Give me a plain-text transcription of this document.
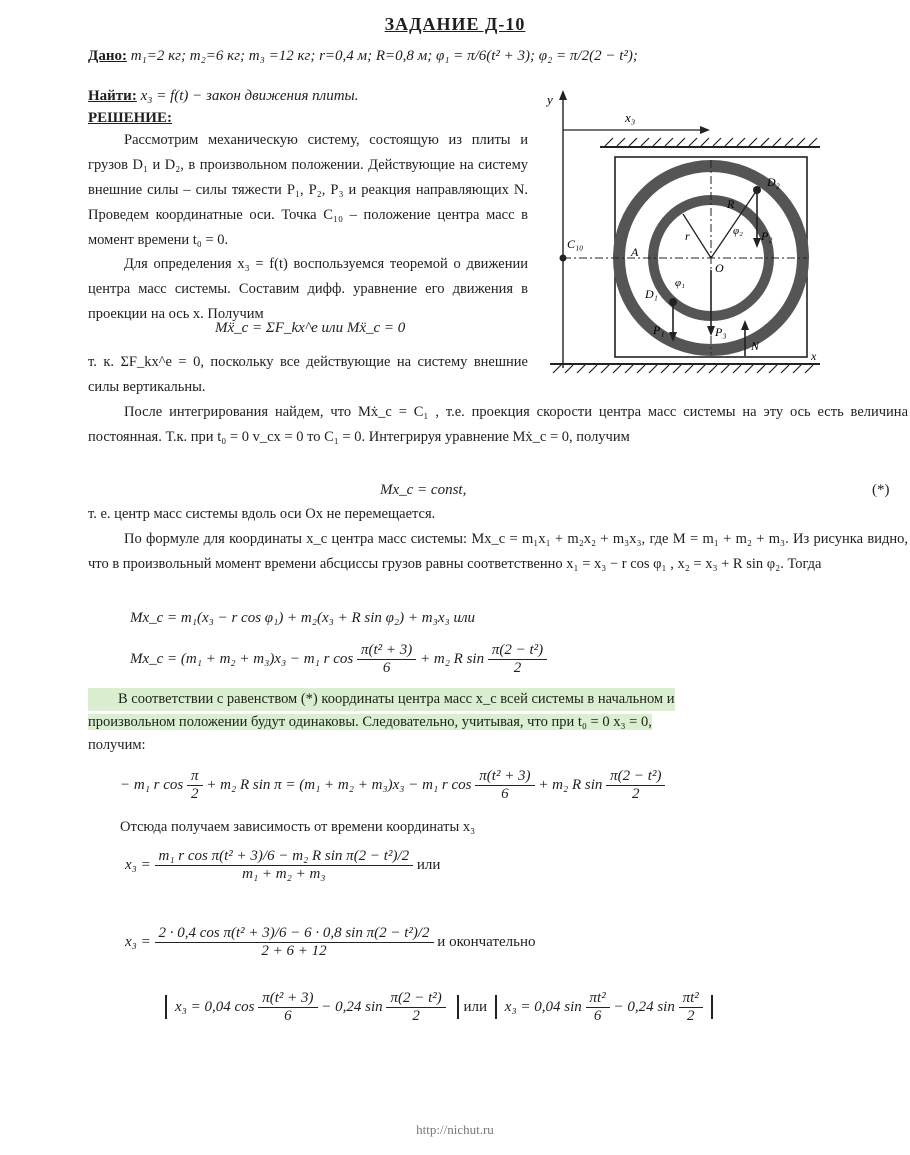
ЗАДАНИЕ Д-10
Дано: m₁=2 кг; m₂=6 кг; m₃ =12 кг; r=0,4 м; R=0,8 м; φ₁ = π/6(t² + 3); φ₂ = π/2(2 − t²);
Найти: x₃ = f(t) − закон движения плиты.
РЕШЕНИЕ:
Рассмотрим механическую систему, состоящую из плиты и грузов D₁ и D₂, в произвольном положении. Действующие на систему внешние силы – силы тяжести P₁, P₂, P₃ и реакция направляющих N. Проведем координатные оси. Точка C₁₀ – положение центра масс в момент времени t₀ = 0.
Для определения x₃ = f(t) воспользуемся теоремой о движении центра масс системы. Составим дифф. уравнение его движения в проекции на ось x. Получим
Mẍ_c = ΣF_kx^e или Mẍ_c = 0
т. к. ΣF_kx^e = 0, поскольку все действующие на систему внешние силы вертикальны.
y
x₃
C₁₀
O
A
R
r	φ₂
φ₁
D₂
P₂
D₁
P₁	P₃
N
x
После интегрирования найдем, что Mẋ_c = C₁ , т.е. проекция скорости центра масс системы на эту ось есть величина постоянная. Т.к. при t₀ = 0 v_cx = 0 то C₁ = 0. Интегрируя уравнение Mẋ_c = 0, получим
Mx_c = const,	(*)
т. е. центр масс системы вдоль оси Ox не перемещается.
По формуле для координаты x_c центра масс системы: Mx_c = m₁x₁ + m₂x₂ + m₃x₃, где M = m₁ + m₂ + m₃. Из рисунка видно, что в произвольный момент времени абсциссы грузов равны соответственно x₁ = x₃ − r cos φ₁ , x₂ = x₃ + R sin φ₂. Тогда
Mx_c = m₁(x₃ − r cos φ₁) + m₂(x₃ + R sin φ₂) + m₃x₃ или
Mx_c = (m₁ + m₂ + m₃)x₃ − m₁ r $\cos \frac{\text{π(t² + 3)}}{6} + m_2$ R $\sin \frac{\text{π(2 − t²)}}{2}$
В соответствии с равенством (*) координаты центра масс x_c всей системы в начальном и
произвольном положении будут одинаковы. Следовательно, учитывая, что при t₀ = 0 x₃ = 0,
получим:
− m₁ r $\cos \frac{\pi}{2} + m_2$ R sin π = (m₁ + m₂ + m₃)x₃ − m₁ r $\cos \frac{\text{π(t² + 3)}}{6} + m_2$ R $\sin \frac{\text{π(2 − t²)}}{2}$
Отсюда получаем зависимость от времени координаты x₃
$x_3 = \frac{\text{m₁ r cos π(t² + 3)/6 − m₂ R sin π(2 − t²)/2}}{\text{m₁ + m₂ + m₃}}$ или
$x_3 = \frac{\text{2 · 0,4 cos π(t² + 3)/6 − 6 · 0,8 sin π(2 − t²)/2}}{2 + 6 + 12}$ и окончательно
x₃ = 0,04 $\cos \frac{\text{π(t² + 3)}}{6} - 0,24$ $\sin \frac{\text{π(2 − t²)}}{2}$ или x₃ = 0,04 $\sin \frac{\text{πt²}}{6} - 0,24$ $\sin \frac{\text{πt²}}{2}$
http://nichut.ru
